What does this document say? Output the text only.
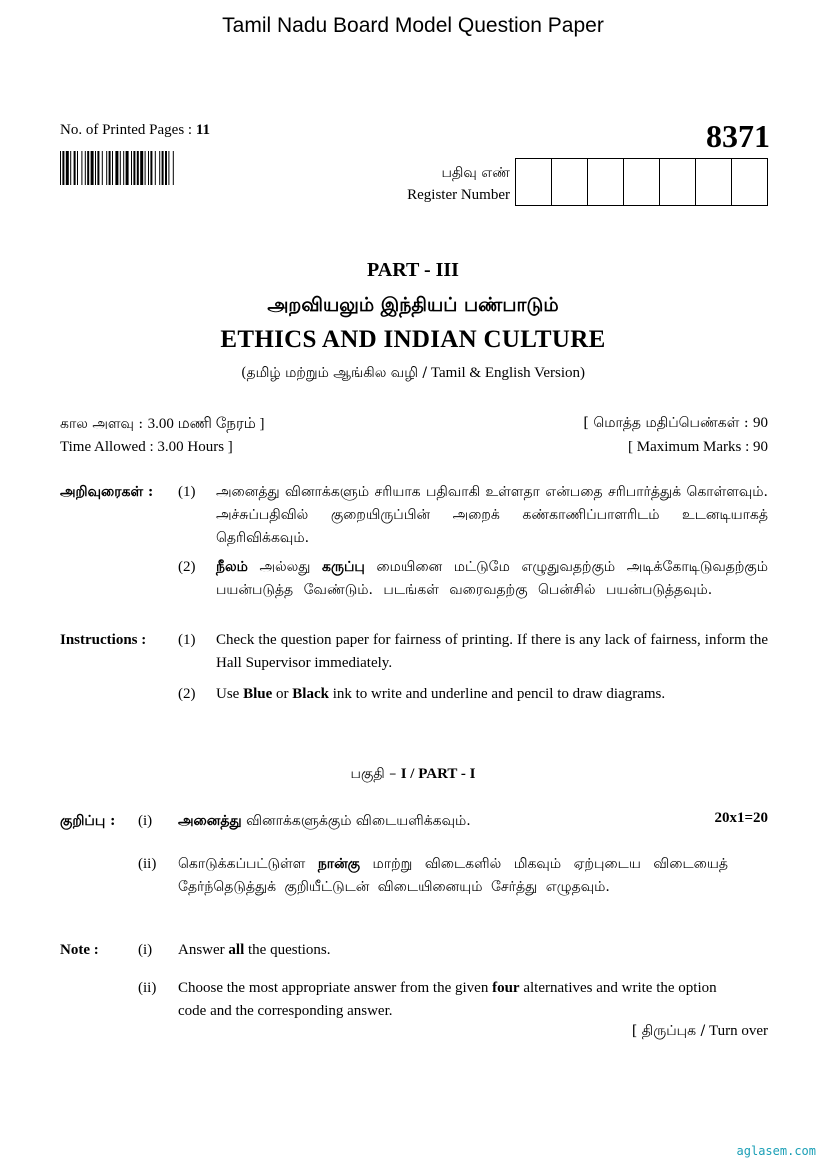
Tamil Nadu Board Model Question Paper
No. of Printed Pages : 11	8371
பதிவு எண்
Register Number
PART - III
அறவியலும் இந்தியப் பண்பாடும்
ETHICS AND INDIAN CULTURE
(தமிழ் மற்றும் ஆங்கில வழி / Tamil & English Version)
கால அளவு : 3.00 மணி நேரம் ]	[ மொத்த மதிப்பெண்கள் : 90
Time Allowed : 3.00 Hours ]	[ Maximum Marks : 90
அறிவுரைகள் : (1) அனைத்து வினாக்களும் சரியாக பதிவாகி உள்ளதா என்பதை சரிபார்த்துக் கொள்ளவும். அச்சுப்பதிவில் குறையிருப்பின் அறைக் கண்காணிப்பாளரிடம் உடனடியாகத் தெரிவிக்கவும்.
(2) நீலம் அல்லது கருப்பு மையினை மட்டுமே எழுதுவதற்கும் அடிக்கோடிடுவதற்கும் பயன்படுத்த வேண்டும். படங்கள் வரைவதற்கு பென்சில் பயன்படுத்தவும்.
Instructions : (1) Check the question paper for fairness of printing. If there is any lack of fairness, inform the Hall Supervisor immediately.
(2) Use Blue or Black ink to write and underline and pencil to draw diagrams.
பகுதி – I / PART - I
குறிப்பு : (i) அனைத்து வினாக்களுக்கும் விடையளிக்கவும்.	20x1=20
(ii) கொடுக்கப்பட்டுள்ள நான்கு மாற்று விடைகளில் மிகவும் ஏற்புடைய விடையைத் தேர்ந்தெடுத்துக் குறியீட்டுடன் விடையினையும் சேர்த்து எழுதவும்.
Note :	(i) Answer all the questions.
(ii) Choose the most appropriate answer from the given four alternatives and write the option code and the corresponding answer.
[ திருப்புக / Turn over
aglasem.com
